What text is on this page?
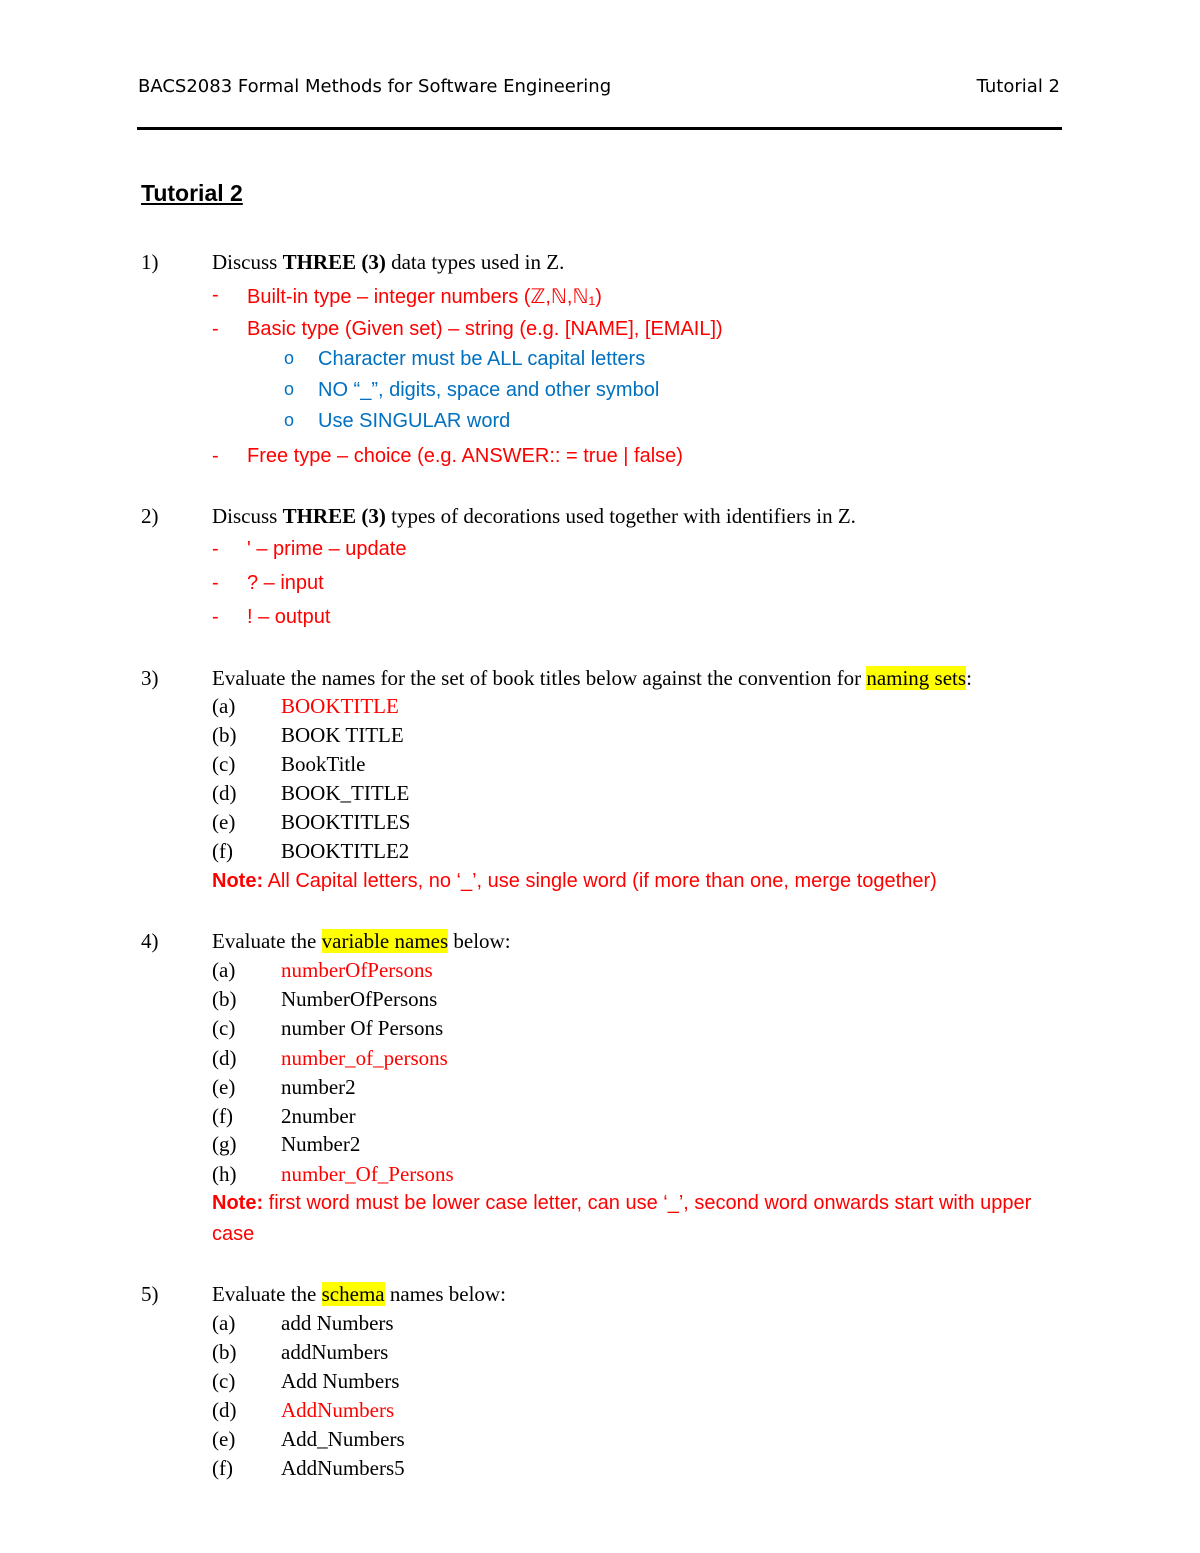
BACS2083 Formal Methods for Software Engineering	Tutorial 2
Tutorial 2
1)	Discuss THREE (3) data types used in Z.
- Built-in type – integer numbers (ℤ,ℕ,ℕ₁)
- Basic type (Given set) – string (e.g. [NAME], [EMAIL])
o Character must be ALL capital letters
o NO “_”, digits, space and other symbol
o Use SINGULAR word
- Free type – choice (e.g. ANSWER:: = true | false)
2)	Discuss THREE (3) types of decorations used together with identifiers in Z.
- ' – prime – update
- ? – input
- ! – output
3)	Evaluate the names for the set of book titles below against the convention for naming sets:
(a) BOOKTITLE
(b) BOOK TITLE
(c) BookTitle
(d) BOOK_TITLE
(e) BOOKTITLES
(f) BOOKTITLE2
Note: All Capital letters, no ‘_’, use single word (if more than one, merge together)
4)	Evaluate the variable names below:
(a) numberOfPersons
(b) NumberOfPersons
(c) number Of Persons
(d) number_of_persons
(e) number2
(f) 2number
(g) Number2
(h) number_Of_Persons
Note: first word must be lower case letter, can use ‘_’, second word onwards start with upper case
5)	Evaluate the schema names below:
(a) add Numbers
(b) addNumbers
(c) Add Numbers
(d) AddNumbers
(e) Add_Numbers
(f) AddNumbers5
